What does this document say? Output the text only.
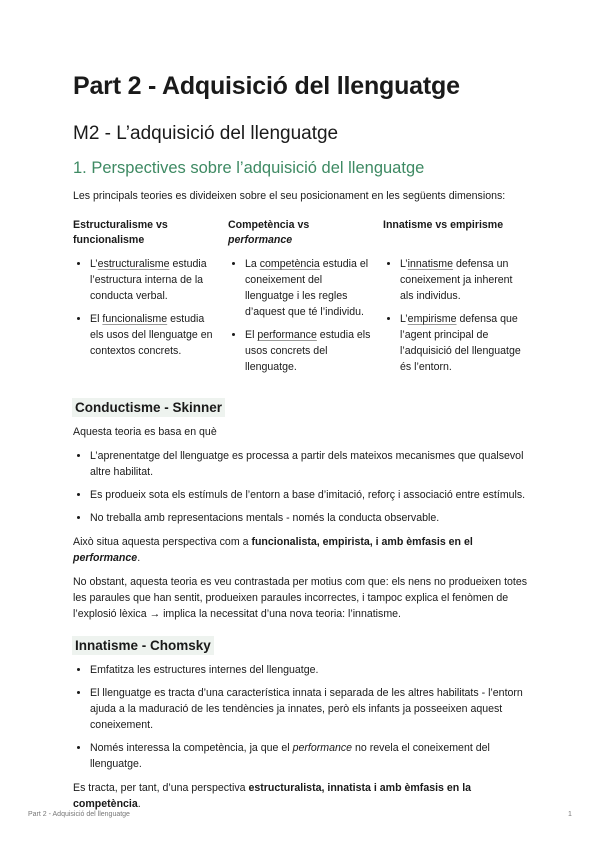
Part 2 - Adquisició del llenguatge
M2 - L’adquisició del llenguatge
1. Perspectives sobre l’adquisició del llenguatge

Les principals teories es divideixen sobre el seu posicionament en les següents dimensions:

Estructuralisme vs funcionalisme
• L’estructuralisme estudia l’estructura interna de la conducta verbal.
• El funcionalisme estudia els usos del llenguatge en contextos concrets.
Competència vs performance
• La competència estudia el coneixement del llenguatge i les regles d’aquest que té l’individu.
• El performance estudia els usos concrets del llenguatge.
Innatisme vs empirisme
• L’innatisme defensa un coneixement ja inherent als individus.
• L’empirisme defensa que l’agent principal de l’adquisició del llenguatge és l’entorn.
Conductisme - Skinner

Aquesta teoria es basa en què

• L’aprenentatge del llenguatge es processa a partir dels mateixos mecanismes que qualsevol altre habilitat.
• Es produeix sota els estímuls de l’entorn a base d’imitació, reforç i associació entre estímuls.
• No treballa amb representacions mentals - només la conducta observable.

Això situa aquesta perspectiva com a funcionalista, empirista, i amb èmfasis en el performance.

No obstant, aquesta teoria es veu contrastada per motius com que: els nens no produeixen totes les paraules que han sentit, produeixen paraules incorrectes, i tampoc explica el fenòmen de l’explosió lèxica → implica la necessitat d’una nova teoria: l’innatisme.

Innatisme - Chomsky
• Emfatitza les estructures internes del llenguatge.
• El llenguatge es tracta d’una característica innata i separada de les altres habilitats - l’entorn ajuda a la maduració de les tendències ja innates, però els infants ja posseeixen aquest coneixement.
• Només interessa la competència, ja que el performance no revela el coneixement del llenguatge.

Es tracta, per tant, d’una perspectiva estructuralista, innatista i amb èmfasis en la competència.

Part 2 - Adquisició del llenguatge	1
